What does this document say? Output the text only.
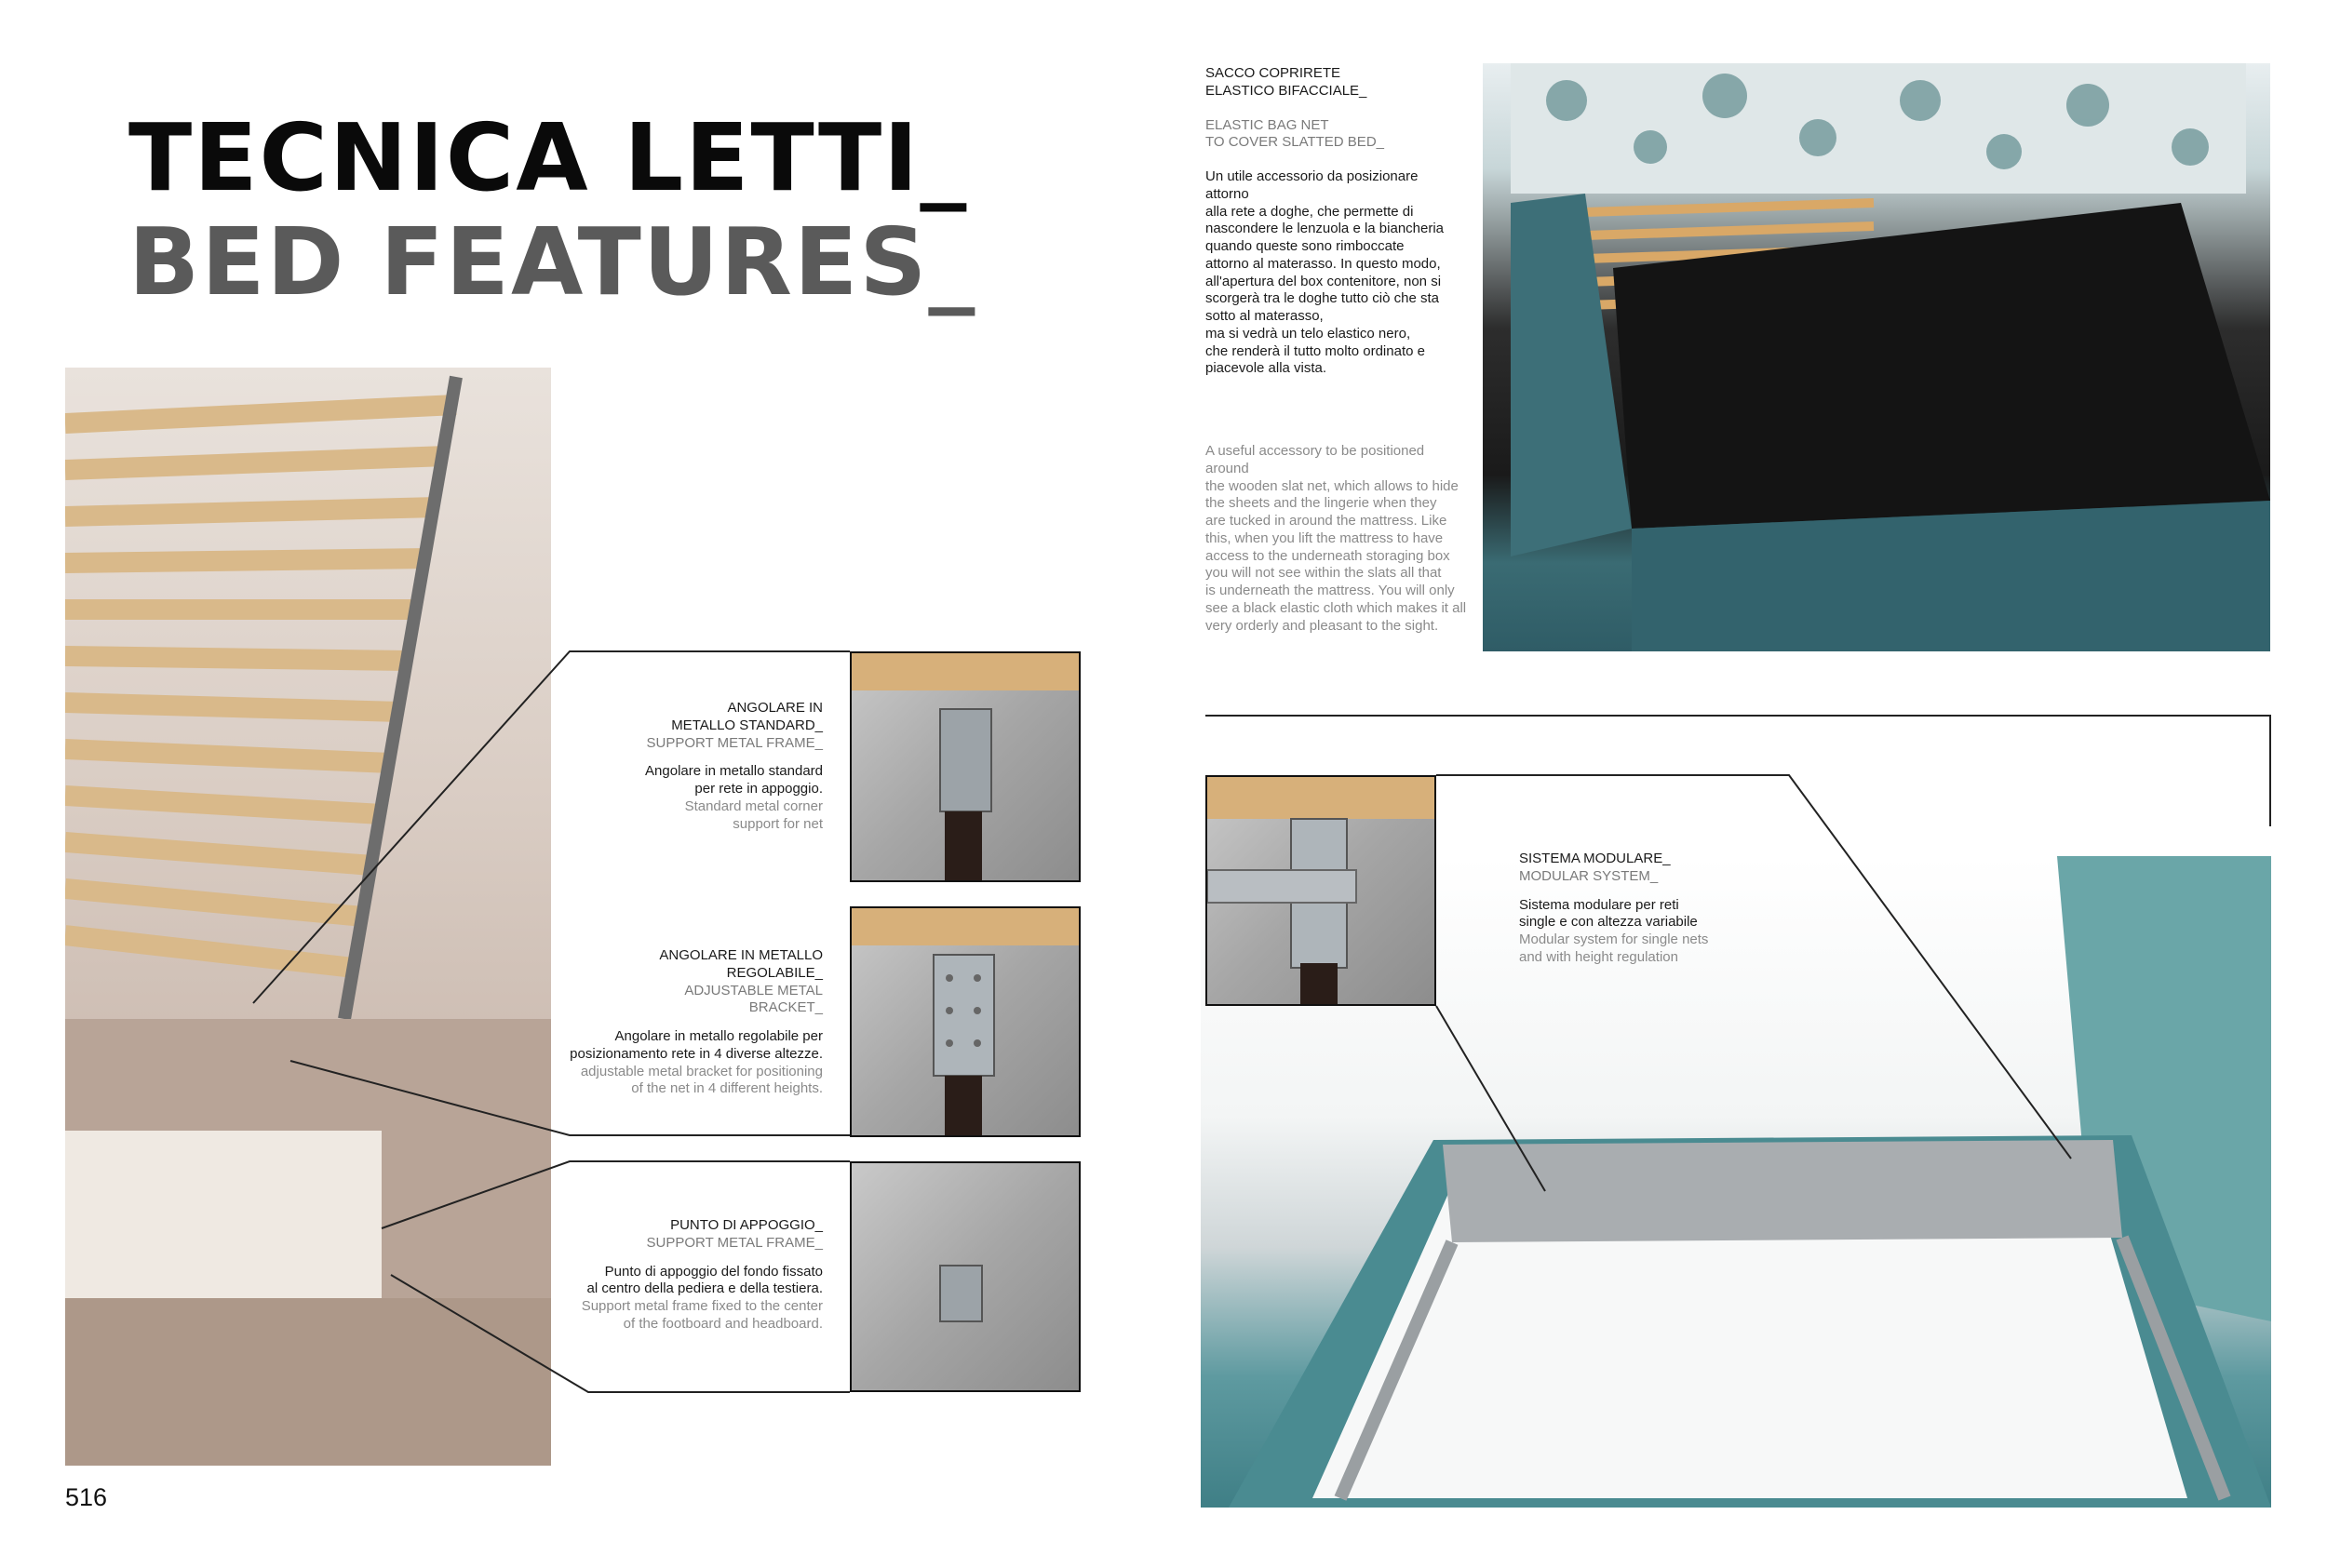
TECNICA LETTI_
BED FEATURES_
SACCO COPRIRETE
ELASTICO BIFACCIALE_
ELASTIC BAG NET
TO COVER SLATTED BED_
Un utile accessorio da posizionare
attorno
alla rete a doghe, che permette di
nascondere le lenzuola e la biancheria
quando queste sono rimboccate
attorno al materasso. In questo modo,
all'apertura del box contenitore, non si
scorgerà tra le doghe tutto ciò che sta
sotto al materasso,
ma si vedrà un telo elastico nero,
che renderà il tutto molto ordinato e
piacevole alla vista.
A useful accessory to be positioned
around
the wooden slat net, which allows to hide
the sheets and the lingerie when they
are tucked in around the mattress. Like
this, when you lift the mattress to have
access to the underneath storaging box
you will not see within the slats all that
is underneath the mattress. You will only
see a black elastic cloth which makes it all
very orderly and pleasant to the sight.
ANGOLARE IN
METALLO STANDARD_
SUPPORT METAL FRAME_
Angolare in metallo standard
per rete in appoggio.
Standard metal corner
support for net
ANGOLARE IN METALLO
REGOLABILE_
ADJUSTABLE METAL
BRACKET_
Angolare in metallo regolabile per
posizionamento rete in 4 diverse altezze.
adjustable metal bracket for positioning
of the net in 4 different heights.
PUNTO DI APPOGGIO_
SUPPORT METAL FRAME_
Punto di appoggio del fondo fissato
al centro della pediera e della testiera.
Support metal frame fixed to the center
of the footboard and headboard.
SISTEMA MODULARE_
MODULAR SYSTEM_
Sistema modulare per reti
single e con altezza variabile
Modular system for single nets
and with height regulation
516
